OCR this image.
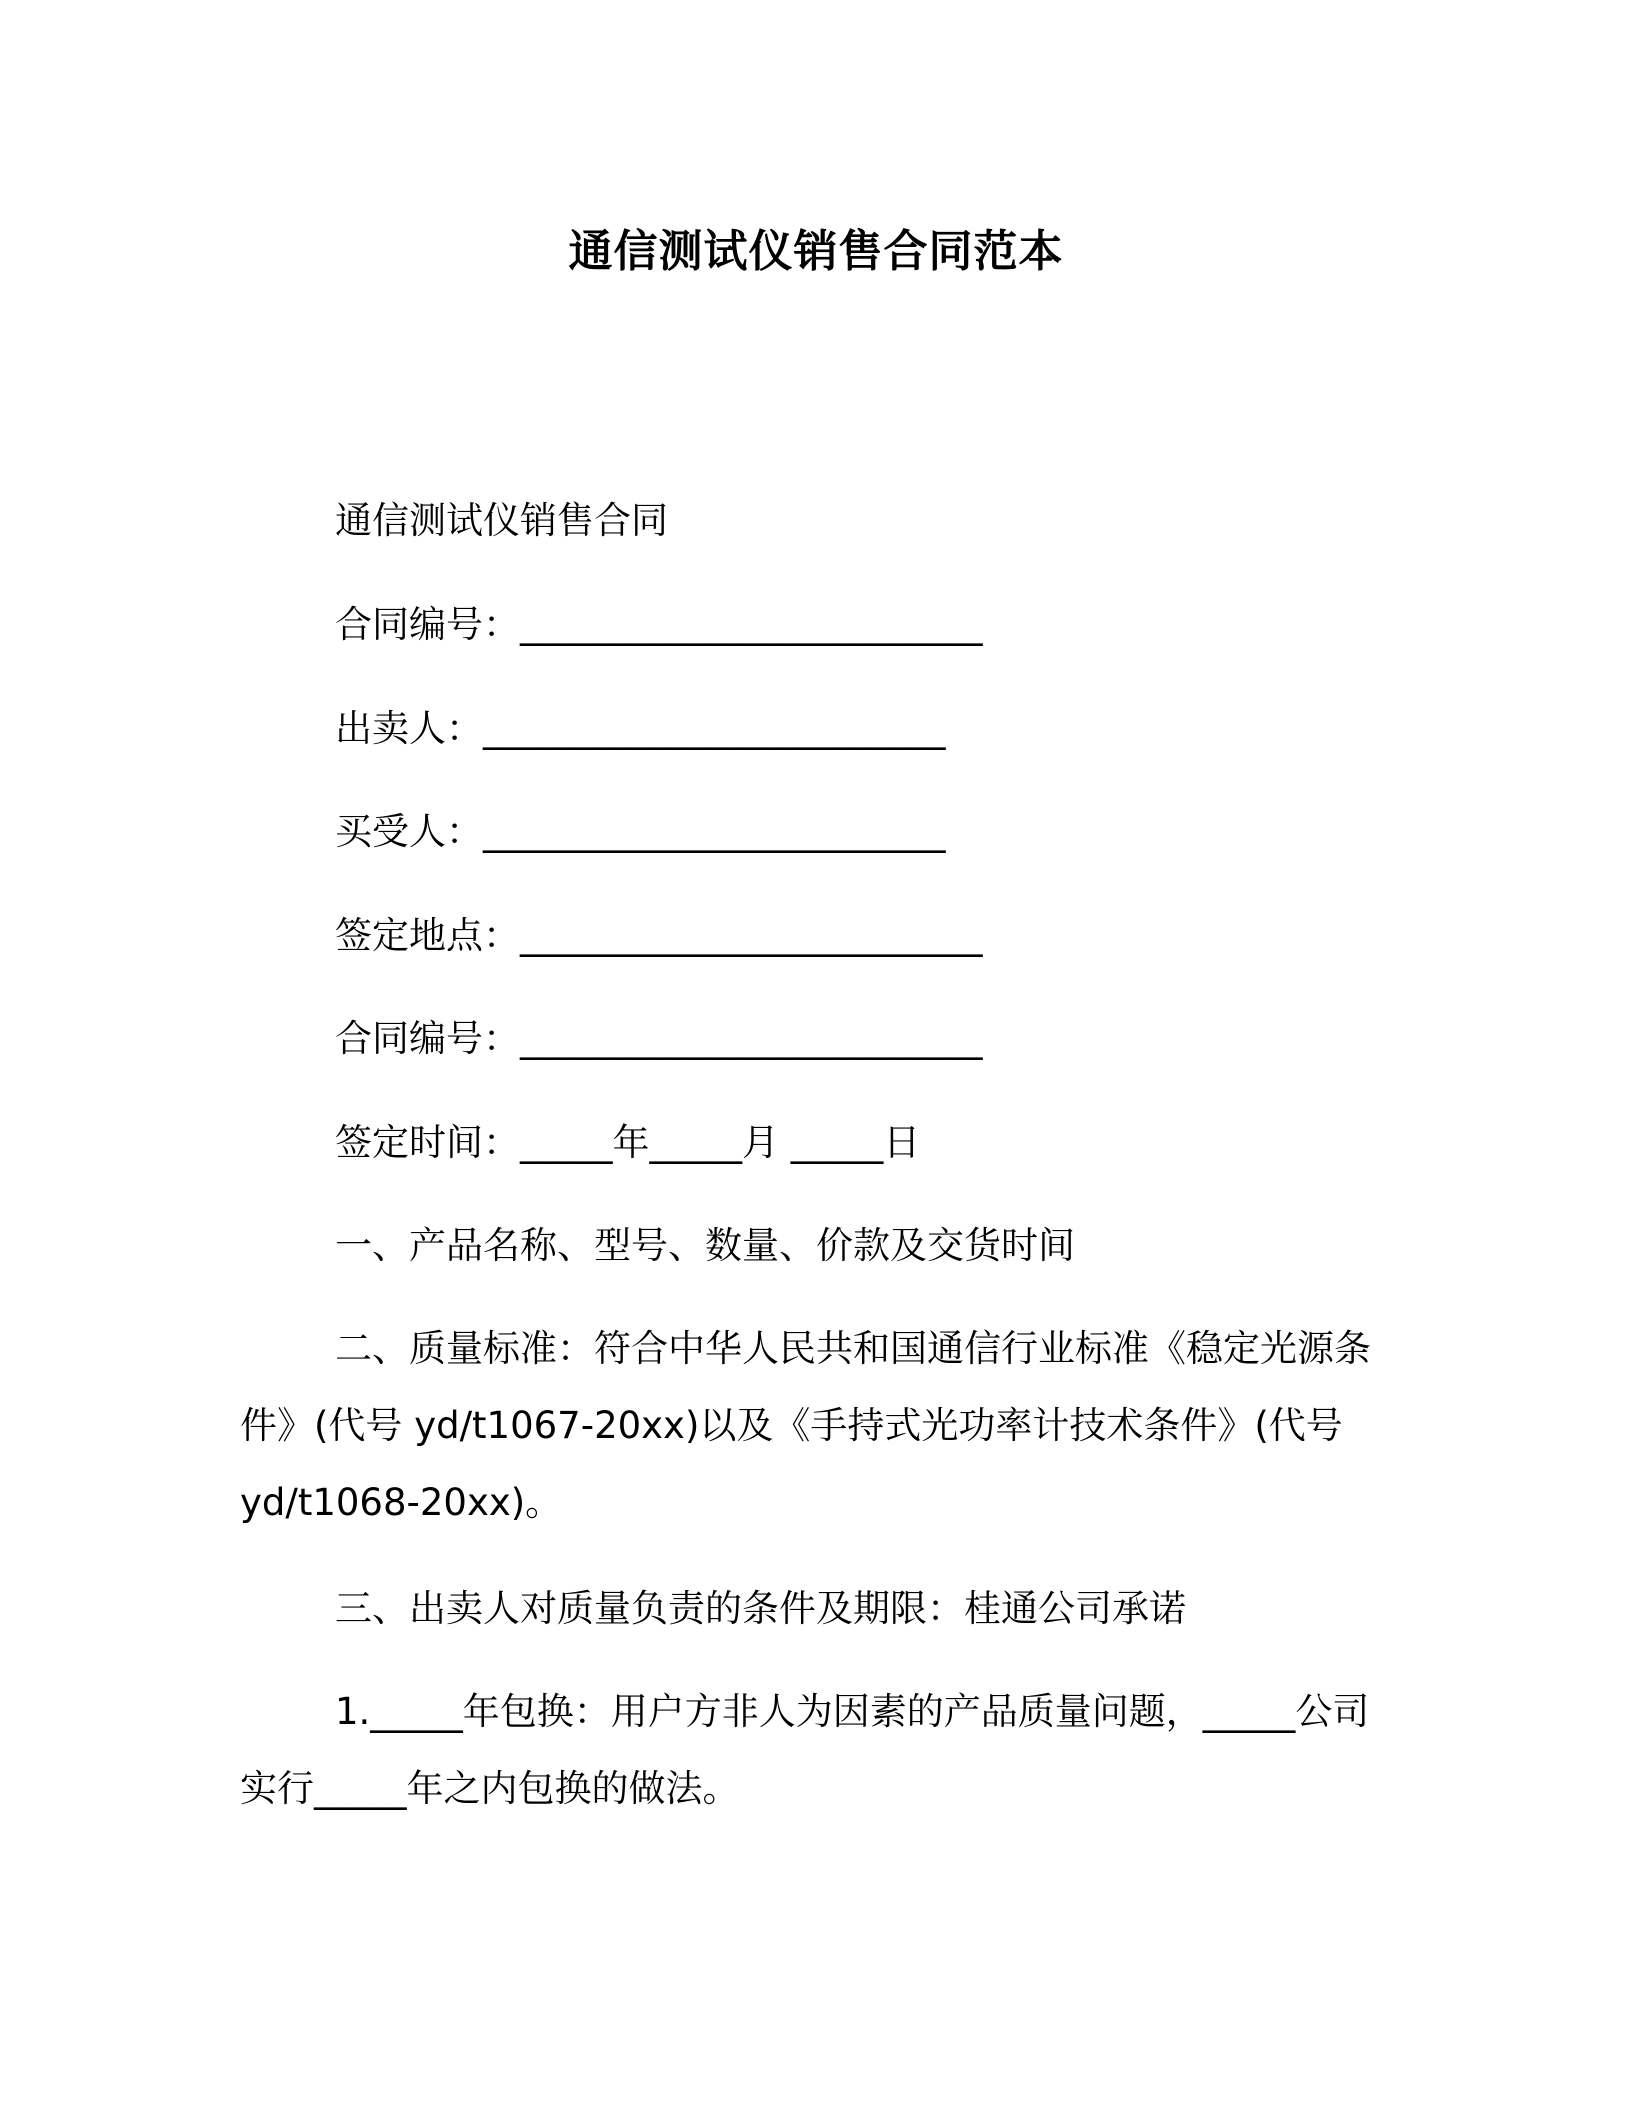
通信测试仪销售合同范本
通信测试仪销售合同
合同编号：_________________________
出卖人：_________________________
买受人：_________________________
签定地点：_________________________
合同编号：_________________________
签定时间：_____年_____月 _____日
一、产品名称、型号、数量、价款及交货时间
二、质量标准：符合中华人民共和国通信行业标准《稳定光源条件》(代号 yd/t1067-20xx)以及《手持式光功率计技术条件》(代号 yd/t1068-20xx)。
三、出卖人对质量负责的条件及期限：桂通公司承诺
1._____年包换：用户方非人为因素的产品质量问题，_____公司实行_____年之内包换的做法。
